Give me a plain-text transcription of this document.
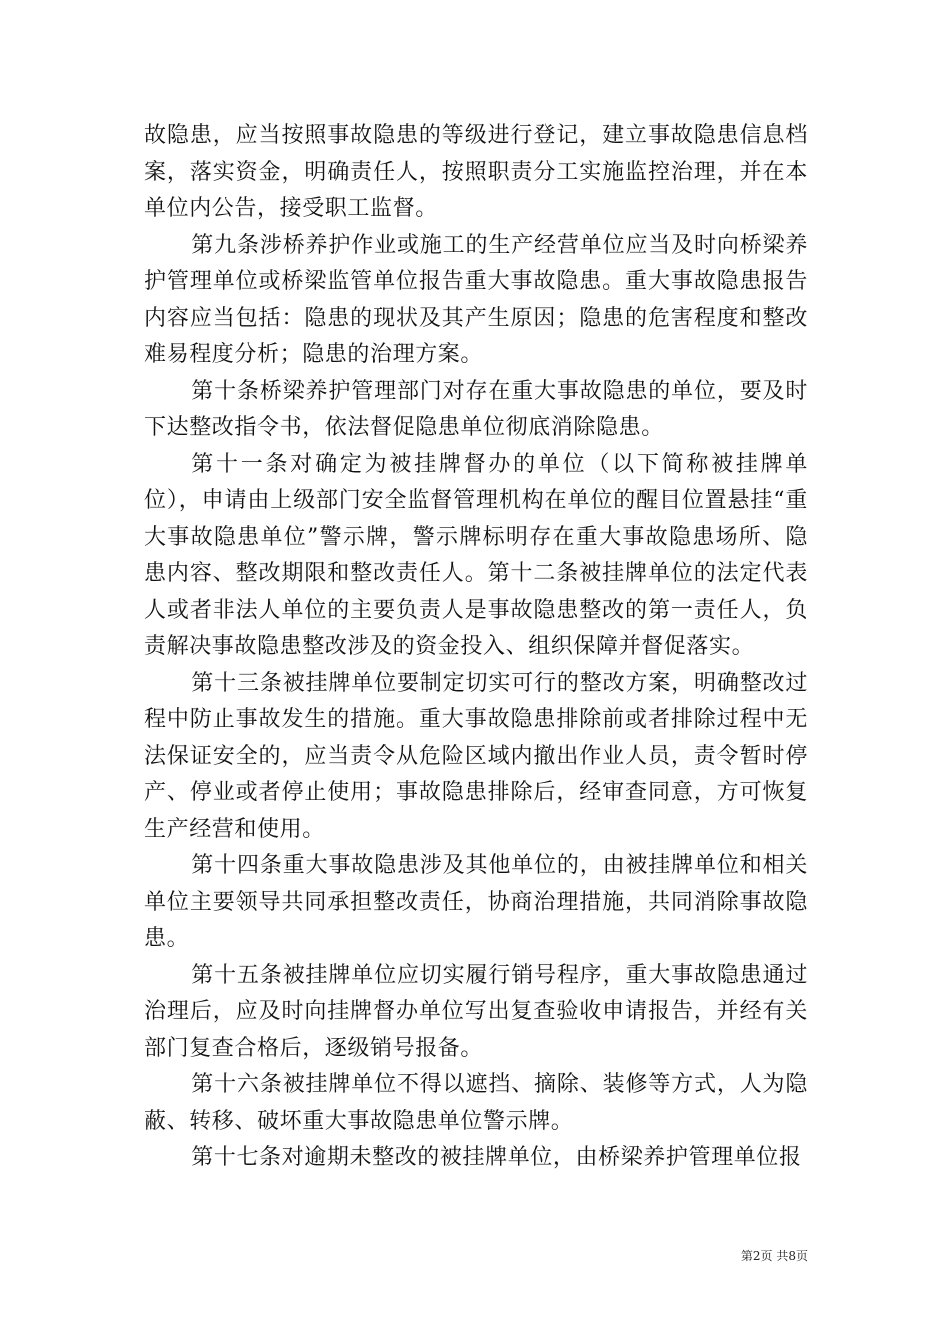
故隐患，应当按照事故隐患的等级进行登记，建立事故隐患信息档案，落实资金，明确责任人，按照职责分工实施监控治理，并在本单位内公告，接受职工监督。

第九条涉桥养护作业或施工的生产经营单位应当及时向桥梁养护管理单位或桥梁监管单位报告重大事故隐患。重大事故隐患报告内容应当包括：隐患的现状及其产生原因；隐患的危害程度和整改难易程度分析；隐患的治理方案。

第十条桥梁养护管理部门对存在重大事故隐患的单位，要及时下达整改指令书，依法督促隐患单位彻底消除隐患。

第十一条对确定为被挂牌督办的单位（以下简称被挂牌单位），申请由上级部门安全监督管理机构在单位的醒目位置悬挂“重大事故隐患单位”警示牌，警示牌标明存在重大事故隐患场所、隐患内容、整改期限和整改责任人。第十二条被挂牌单位的法定代表人或者非法人单位的主要负责人是事故隐患整改的第一责任人，负责解决事故隐患整改涉及的资金投入、组织保障并督促落实。

第十三条被挂牌单位要制定切实可行的整改方案，明确整改过程中防止事故发生的措施。重大事故隐患排除前或者排除过程中无法保证安全的，应当责令从危险区域内撤出作业人员，责令暂时停产、停业或者停止使用；事故隐患排除后，经审查同意，方可恢复生产经营和使用。

第十四条重大事故隐患涉及其他单位的，由被挂牌单位和相关单位主要领导共同承担整改责任，协商治理措施，共同消除事故隐患。

第十五条被挂牌单位应切实履行销号程序，重大事故隐患通过治理后，应及时向挂牌督办单位写出复查验收申请报告，并经有关部门复查合格后，逐级销号报备。

第十六条被挂牌单位不得以遮挡、摘除、装修等方式，人为隐蔽、转移、破坏重大事故隐患单位警示牌。

第十七条对逾期未整改的被挂牌单位，由桥梁养护管理单位报

第2页 共8页
